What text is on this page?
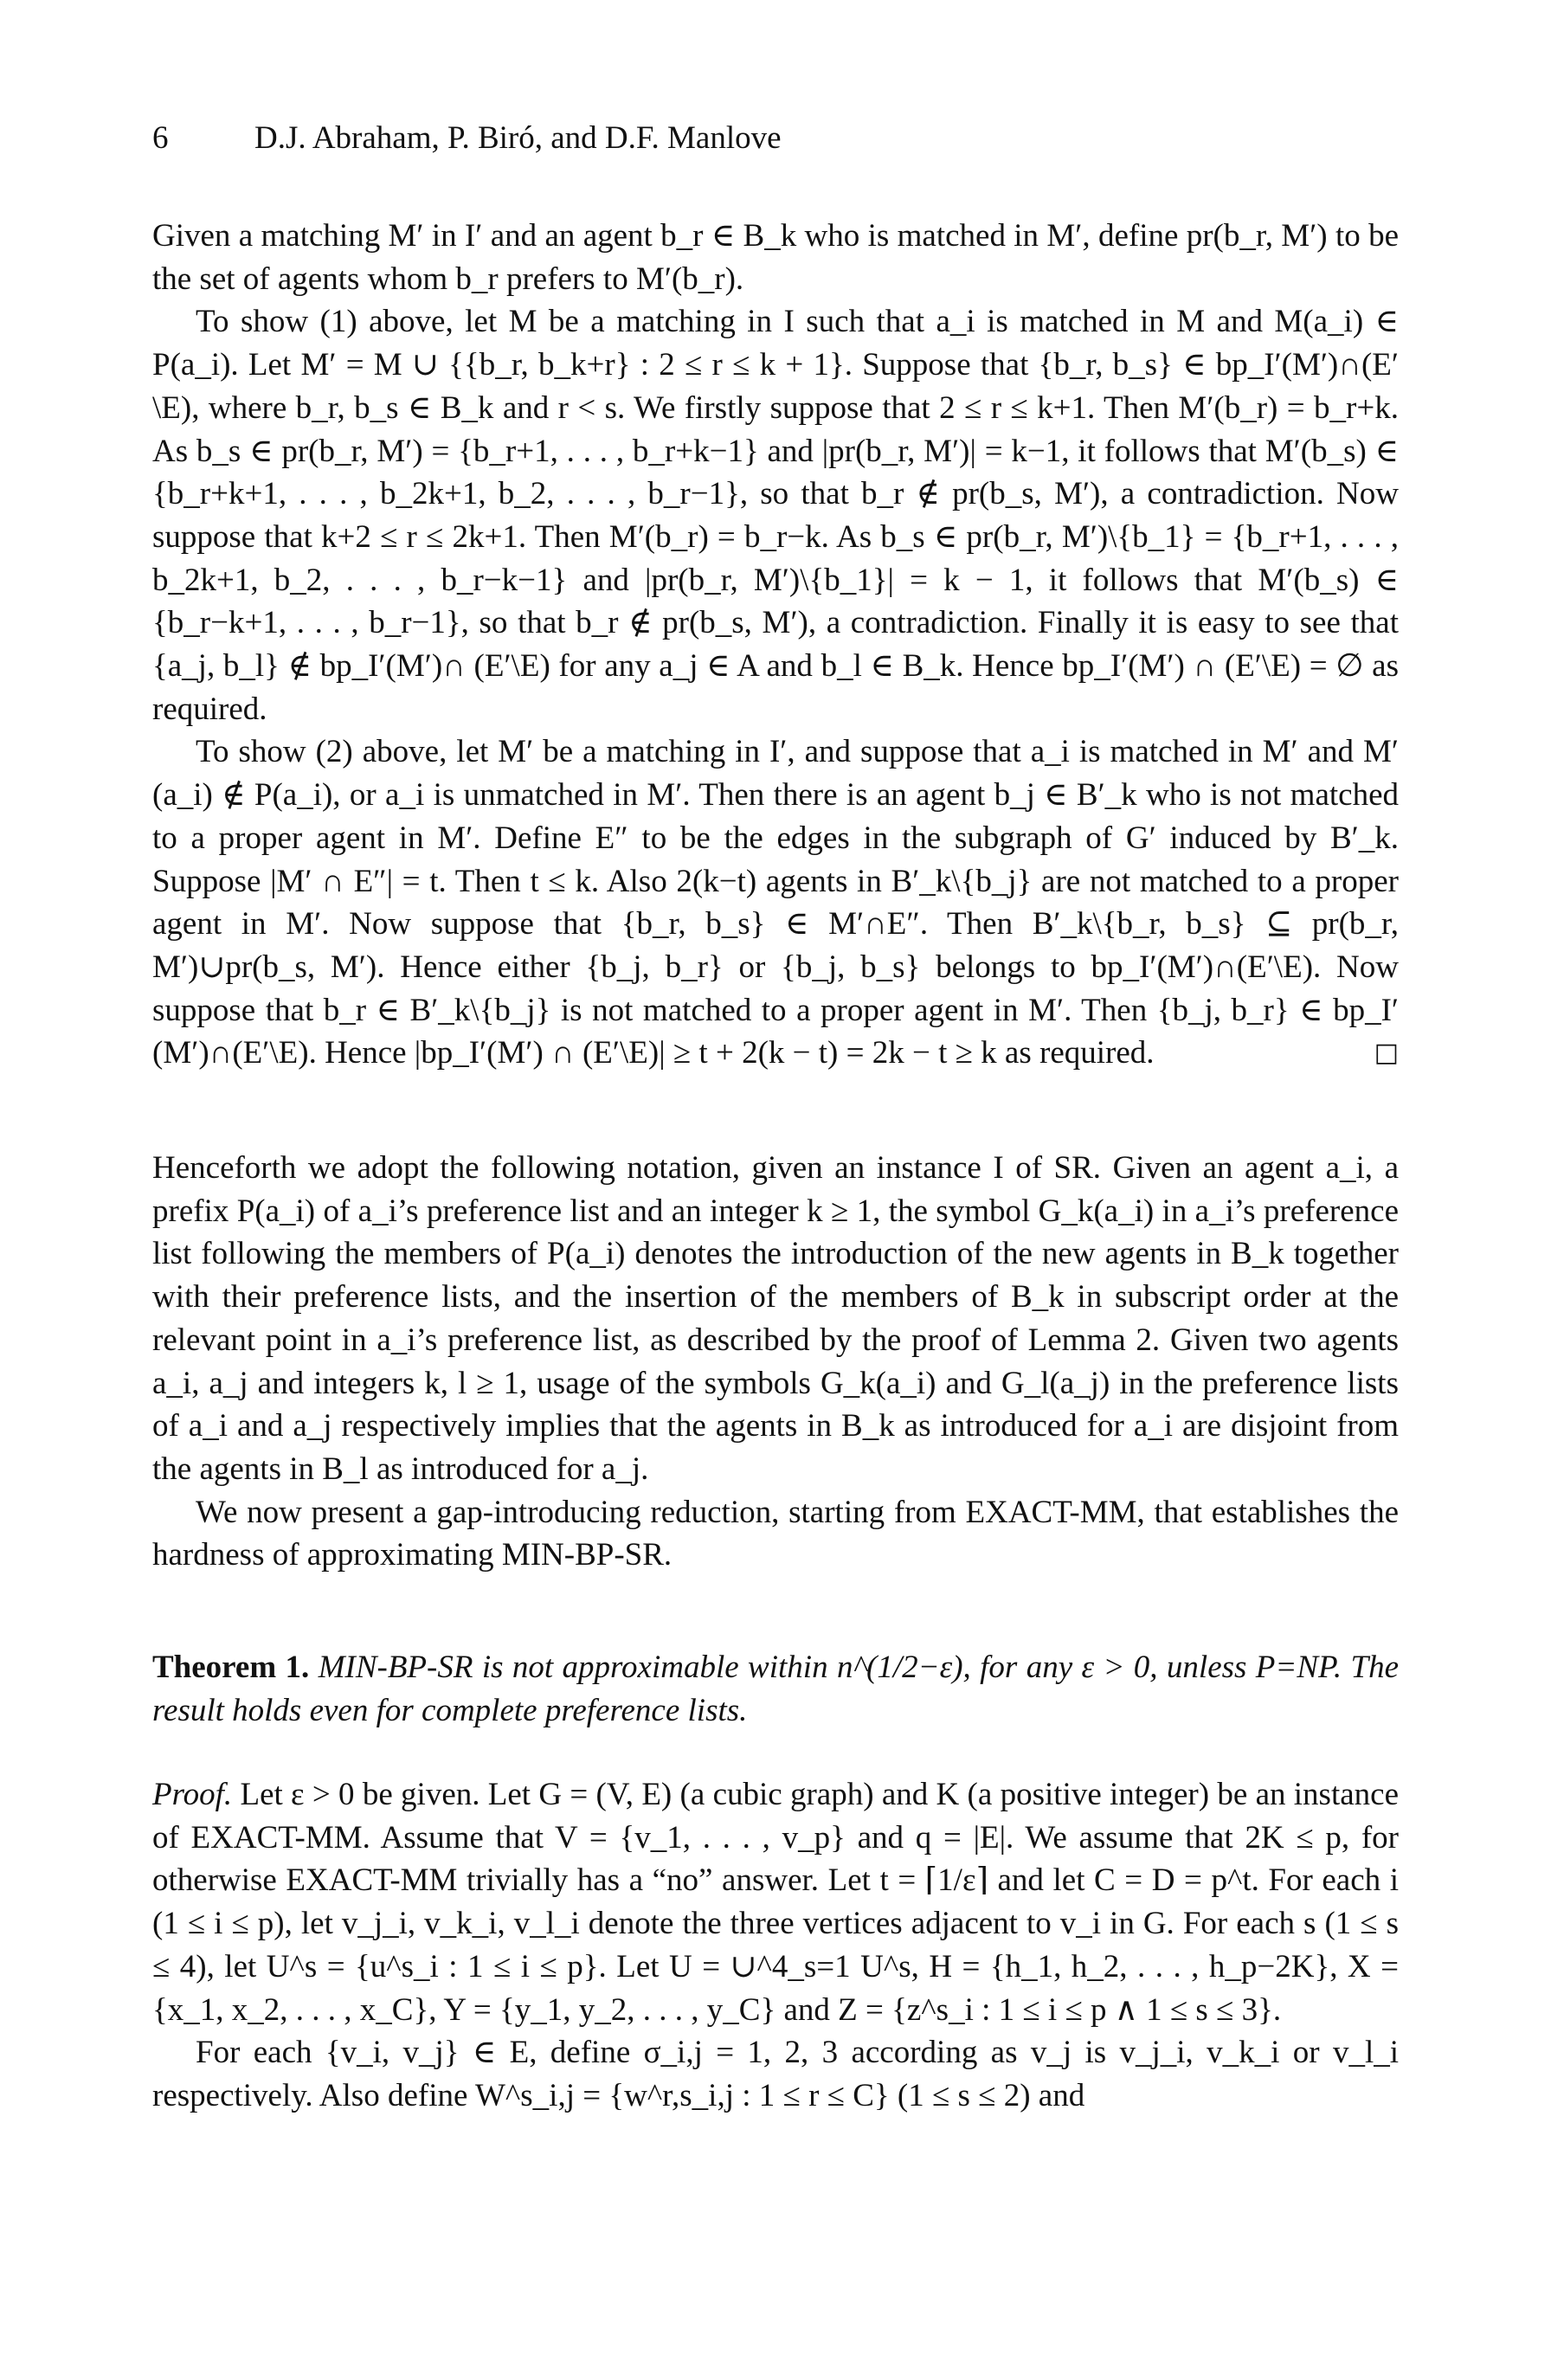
6	D.J. Abraham, P. Biró, and D.F. Manlove

Given a matching M′ in I′ and an agent b_r ∈ B_k who is matched in M′, define pr(b_r, M′) to be the set of agents whom b_r prefers to M′(b_r).

To show (1) above, let M be a matching in I such that a_i is matched in M and M(a_i) ∈ P(a_i). Let M′ = M ∪ {{b_r, b_k+r} : 2 ≤ r ≤ k + 1}. Suppose that {b_r, b_s} ∈ bp_I′(M′)∩(E′\E), where b_r, b_s ∈ B_k and r < s. We firstly suppose that 2 ≤ r ≤ k+1. Then M′(b_r) = b_r+k. As b_s ∈ pr(b_r, M′) = {b_r+1, . . . , b_r+k−1} and |pr(b_r, M′)| = k−1, it follows that M′(b_s) ∈ {b_r+k+1, . . . , b_2k+1, b_2, . . . , b_r−1}, so that b_r ∉ pr(b_s, M′), a contradiction. Now suppose that k+2 ≤ r ≤ 2k+1. Then M′(b_r) = b_r−k. As b_s ∈ pr(b_r, M′)\{b_1} = {b_r+1, . . . , b_2k+1, b_2, . . . , b_r−k−1} and |pr(b_r, M′)\{b_1}| = k − 1, it follows that M′(b_s) ∈ {b_r−k+1, . . . , b_r−1}, so that b_r ∉ pr(b_s, M′), a contradiction. Finally it is easy to see that {a_j, b_l} ∉ bp_I′(M′)∩ (E′\E) for any a_j ∈ A and b_l ∈ B_k. Hence bp_I′(M′) ∩ (E′\E) = ∅ as required.

To show (2) above, let M′ be a matching in I′, and suppose that a_i is matched in M′ and M′(a_i) ∉ P(a_i), or a_i is unmatched in M′. Then there is an agent b_j ∈ B′_k who is not matched to a proper agent in M′. Define E″ to be the edges in the subgraph of G′ induced by B′_k. Suppose |M′ ∩ E″| = t. Then t ≤ k. Also 2(k−t) agents in B′_k\{b_j} are not matched to a proper agent in M′. Now suppose that {b_r, b_s} ∈ M′∩E″. Then B′_k\{b_r, b_s} ⊆ pr(b_r, M′)∪pr(b_s, M′). Hence either {b_j, b_r} or {b_j, b_s} belongs to bp_I′(M′)∩(E′\E). Now suppose that b_r ∈ B′_k\{b_j} is not matched to a proper agent in M′. Then {b_j, b_r} ∈ bp_I′(M′)∩(E′\E). Hence |bp_I′(M′) ∩ (E′\E)| ≥ t + 2(k − t) = 2k − t ≥ k as required.	□

Henceforth we adopt the following notation, given an instance I of SR. Given an agent a_i, a prefix P(a_i) of a_i’s preference list and an integer k ≥ 1, the symbol G_k(a_i) in a_i’s preference list following the members of P(a_i) denotes the introduction of the new agents in B_k together with their preference lists, and the insertion of the members of B_k in subscript order at the relevant point in a_i’s preference list, as described by the proof of Lemma 2. Given two agents a_i, a_j and integers k, l ≥ 1, usage of the symbols G_k(a_i) and G_l(a_j) in the preference lists of a_i and a_j respectively implies that the agents in B_k as introduced for a_i are disjoint from the agents in B_l as introduced for a_j.

We now present a gap-introducing reduction, starting from EXACT-MM, that establishes the hardness of approximating MIN-BP-SR.

Theorem 1. MIN-BP-SR is not approximable within n^(1/2−ε), for any ε > 0, unless P=NP. The result holds even for complete preference lists.

Proof. Let ε > 0 be given. Let G = (V, E) (a cubic graph) and K (a positive integer) be an instance of EXACT-MM. Assume that V = {v_1, . . . , v_p} and q = |E|. We assume that 2K ≤ p, for otherwise EXACT-MM trivially has a “no” answer. Let t = ⌈1/ε⌉ and let C = D = p^t. For each i (1 ≤ i ≤ p), let v_j_i, v_k_i, v_l_i denote the three vertices adjacent to v_i in G. For each s (1 ≤ s ≤ 4), let U^s = {u^s_i : 1 ≤ i ≤ p}. Let U = ∪^4_s=1 U^s, H = {h_1, h_2, . . . , h_p−2K}, X = {x_1, x_2, . . . , x_C}, Y = {y_1, y_2, . . . , y_C} and Z = {z^s_i : 1 ≤ i ≤ p ∧ 1 ≤ s ≤ 3}.

For each {v_i, v_j} ∈ E, define σ_i,j = 1, 2, 3 according as v_j is v_j_i, v_k_i or v_l_i respectively. Also define W^s_i,j = {w^r,s_i,j : 1 ≤ r ≤ C} (1 ≤ s ≤ 2) and
